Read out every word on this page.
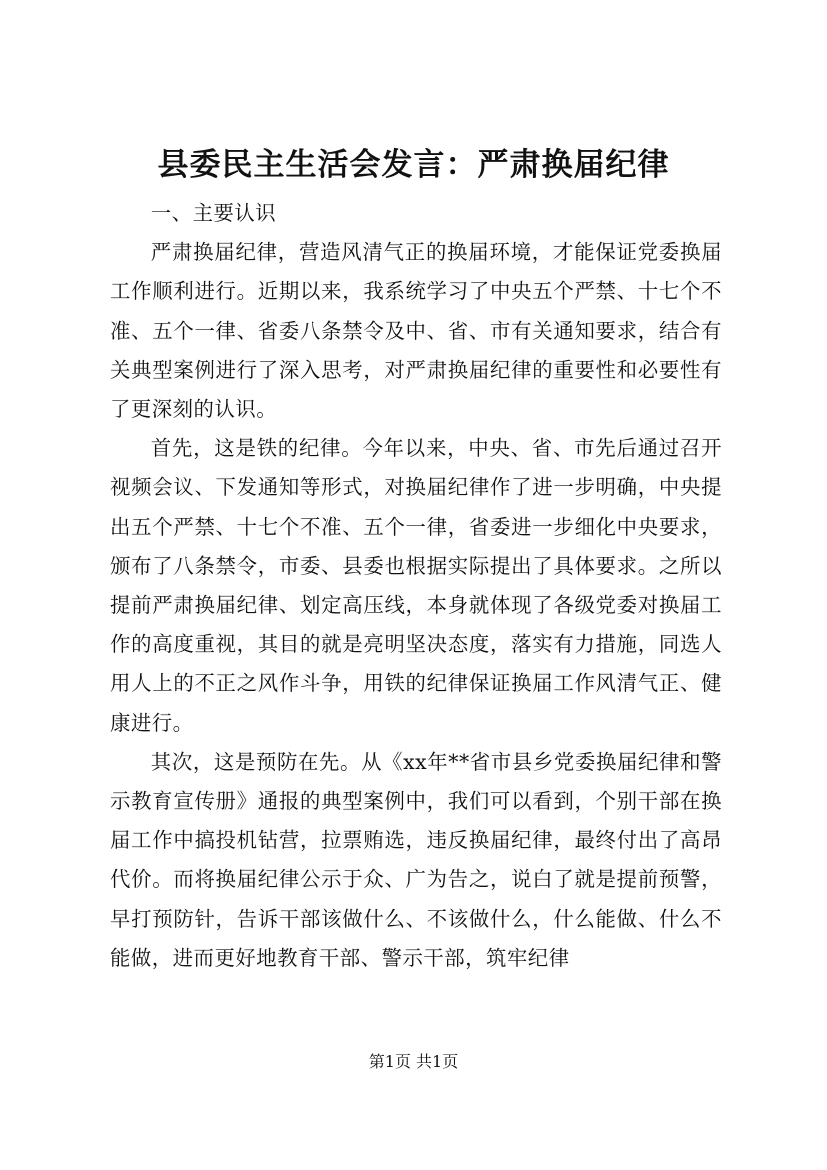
县委民主生活会发言：严肃换届纪律

一、主要认识

严肃换届纪律，营造风清气正的换届环境，才能保证党委换届工作顺利进行。近期以来，我系统学习了中央五个严禁、十七个不准、五个一律、省委八条禁令及中、省、市有关通知要求，结合有关典型案例进行了深入思考，对严肃换届纪律的重要性和必要性有了更深刻的认识。

首先，这是铁的纪律。今年以来，中央、省、市先后通过召开视频会议、下发通知等形式，对换届纪律作了进一步明确，中央提出五个严禁、十七个不准、五个一律，省委进一步细化中央要求，颁布了八条禁令，市委、县委也根据实际提出了具体要求。之所以提前严肃换届纪律、划定高压线，本身就体现了各级党委对换届工作的高度重视，其目的就是亮明坚决态度，落实有力措施，同选人用人上的不正之风作斗争，用铁的纪律保证换届工作风清气正、健康进行。

其次，这是预防在先。从《xx年**省市县乡党委换届纪律和警示教育宣传册》通报的典型案例中，我们可以看到，个别干部在换届工作中搞投机钻营，拉票贿选，违反换届纪律，最终付出了高昂代价。而将换届纪律公示于众、广为告之，说白了就是提前预警，早打预防针，告诉干部该做什么、不该做什么，什么能做、什么不能做，进而更好地教育干部、警示干部，筑牢纪律

第1页 共1页
